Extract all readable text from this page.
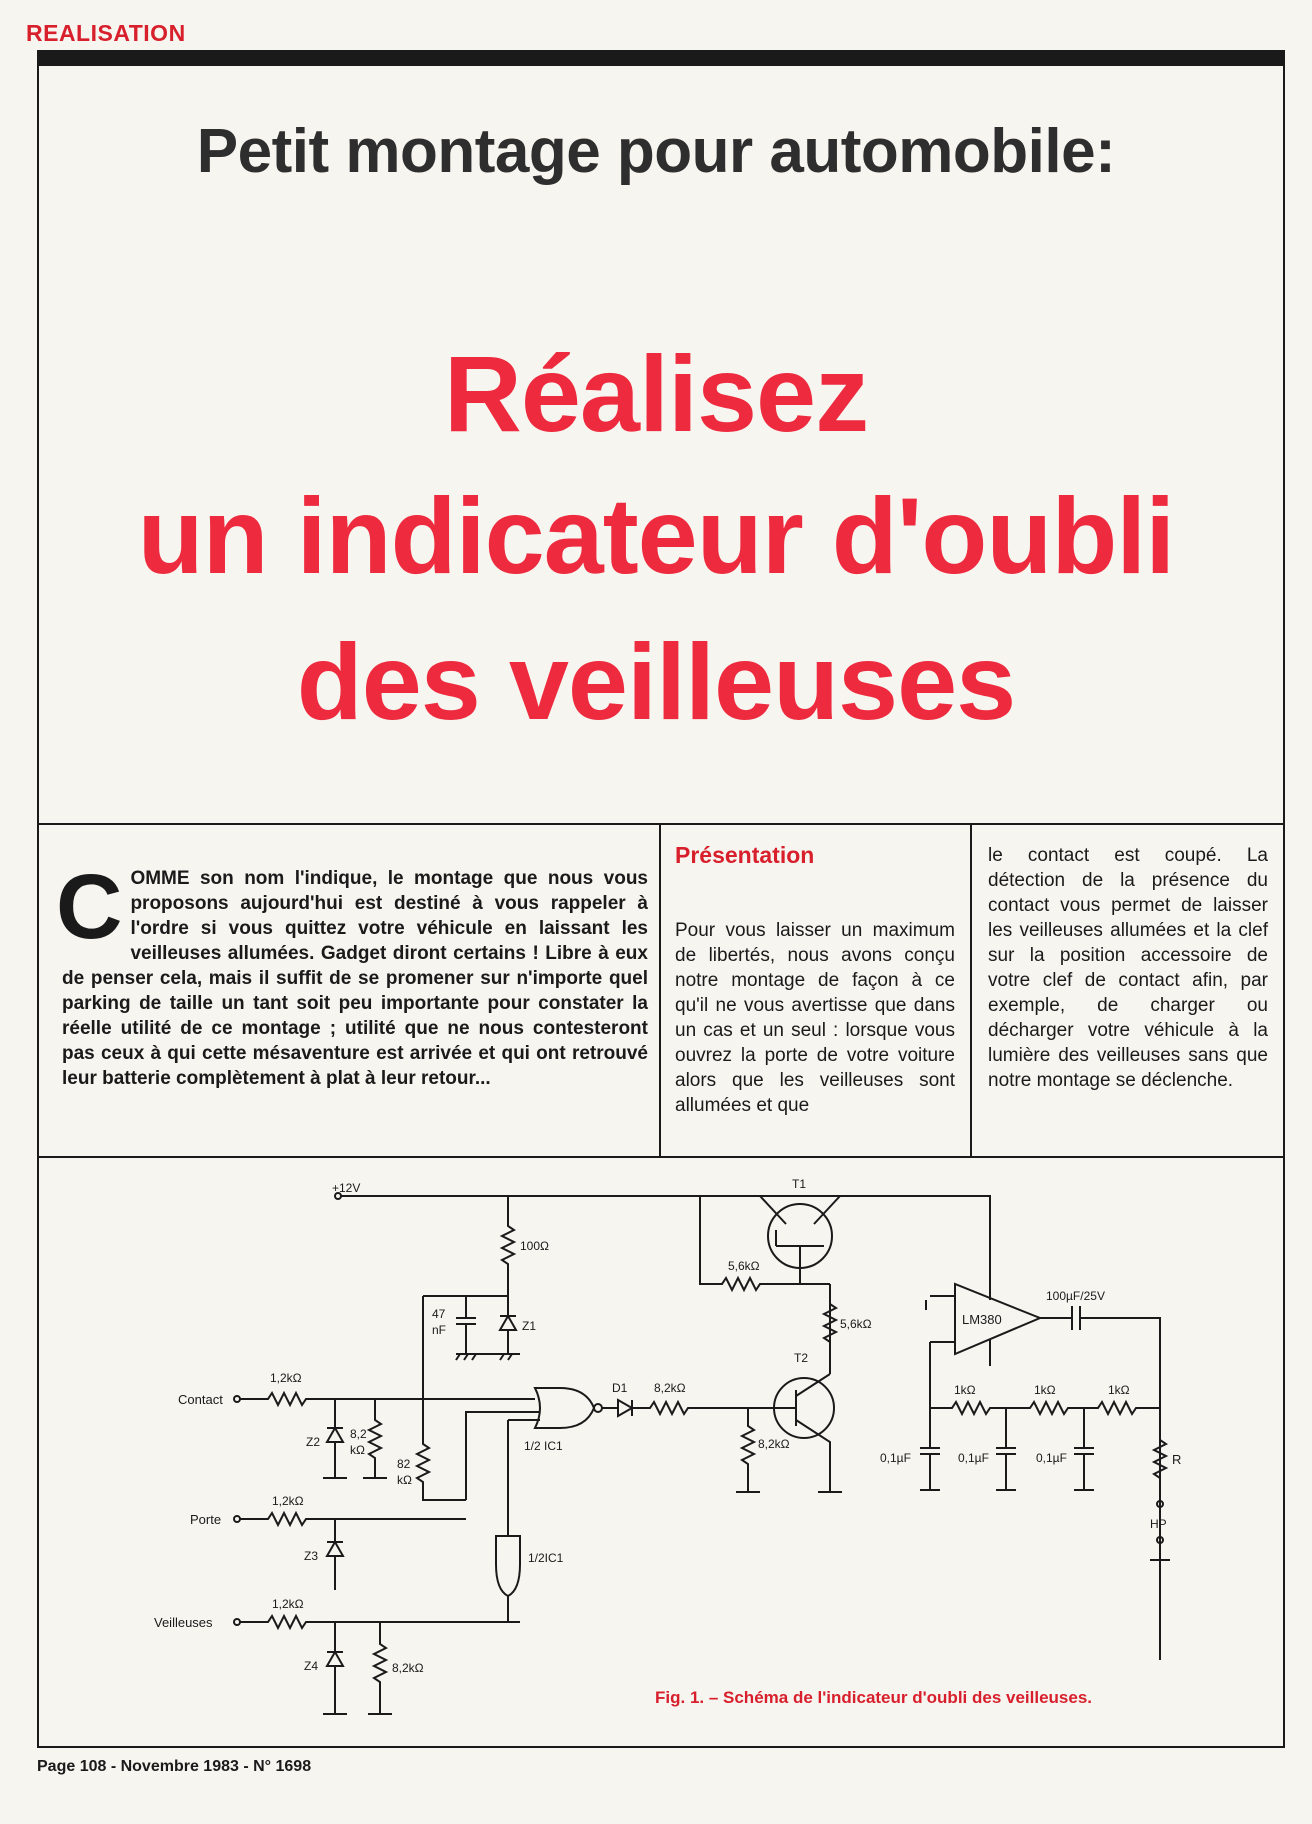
REALISATION
Petit montage pour automobile:
Réalisez
un indicateur d'oubli
des veilleuses
COMME son nom l'indique, le montage que nous vous proposons aujourd'hui est destiné à vous rappeler à l'ordre si vous quittez votre véhicule en laissant les veilleuses allumées. Gadget diront certains ! Libre à eux de penser cela, mais il suffit de se promener sur n'importe quel parking de taille un tant soit peu importante pour constater la réelle utilité de ce montage ; utilité que ne nous contesteront pas ceux à qui cette mésaventure est arrivée et qui ont retrouvé leur batterie complètement à plat à leur retour...
Présentation
Pour vous laisser un maximum de libertés, nous avons conçu notre montage de façon à ce qu'il ne vous avertisse que dans un cas et un seul : lorsque vous ouvrez la porte de votre voiture alors que les veilleuses sont allumées et que
le contact est coupé. La détection de la présence du contact vous permet de laisser les veilleuses allumées et la clef sur la position accessoire de votre clef de contact afin, par exemple, de charger ou décharger votre véhicule à la lumière des veilleuses sans que notre montage se déclenche.
+12V
100Ω
47
nF	Z1
Contact
1,2kΩ
Z2
8,2
kΩ
82
kΩ
1/2 IC1
Porte
1,2kΩ
Z3	1/2IC1
Veilleuses
1,2kΩ
Z4	8,2kΩ
D1 8,2kΩ
8,2kΩ
T2
5,6kΩ
T1
5,6kΩ
LM380
100µF/25V
1kΩ	1kΩ	1kΩ
0,1µF	0,1µF	0,1µF	R
HP
Fig. 1. – Schéma de l'indicateur d'oubli des veilleuses.
Page 108 - Novembre 1983 - N° 1698
